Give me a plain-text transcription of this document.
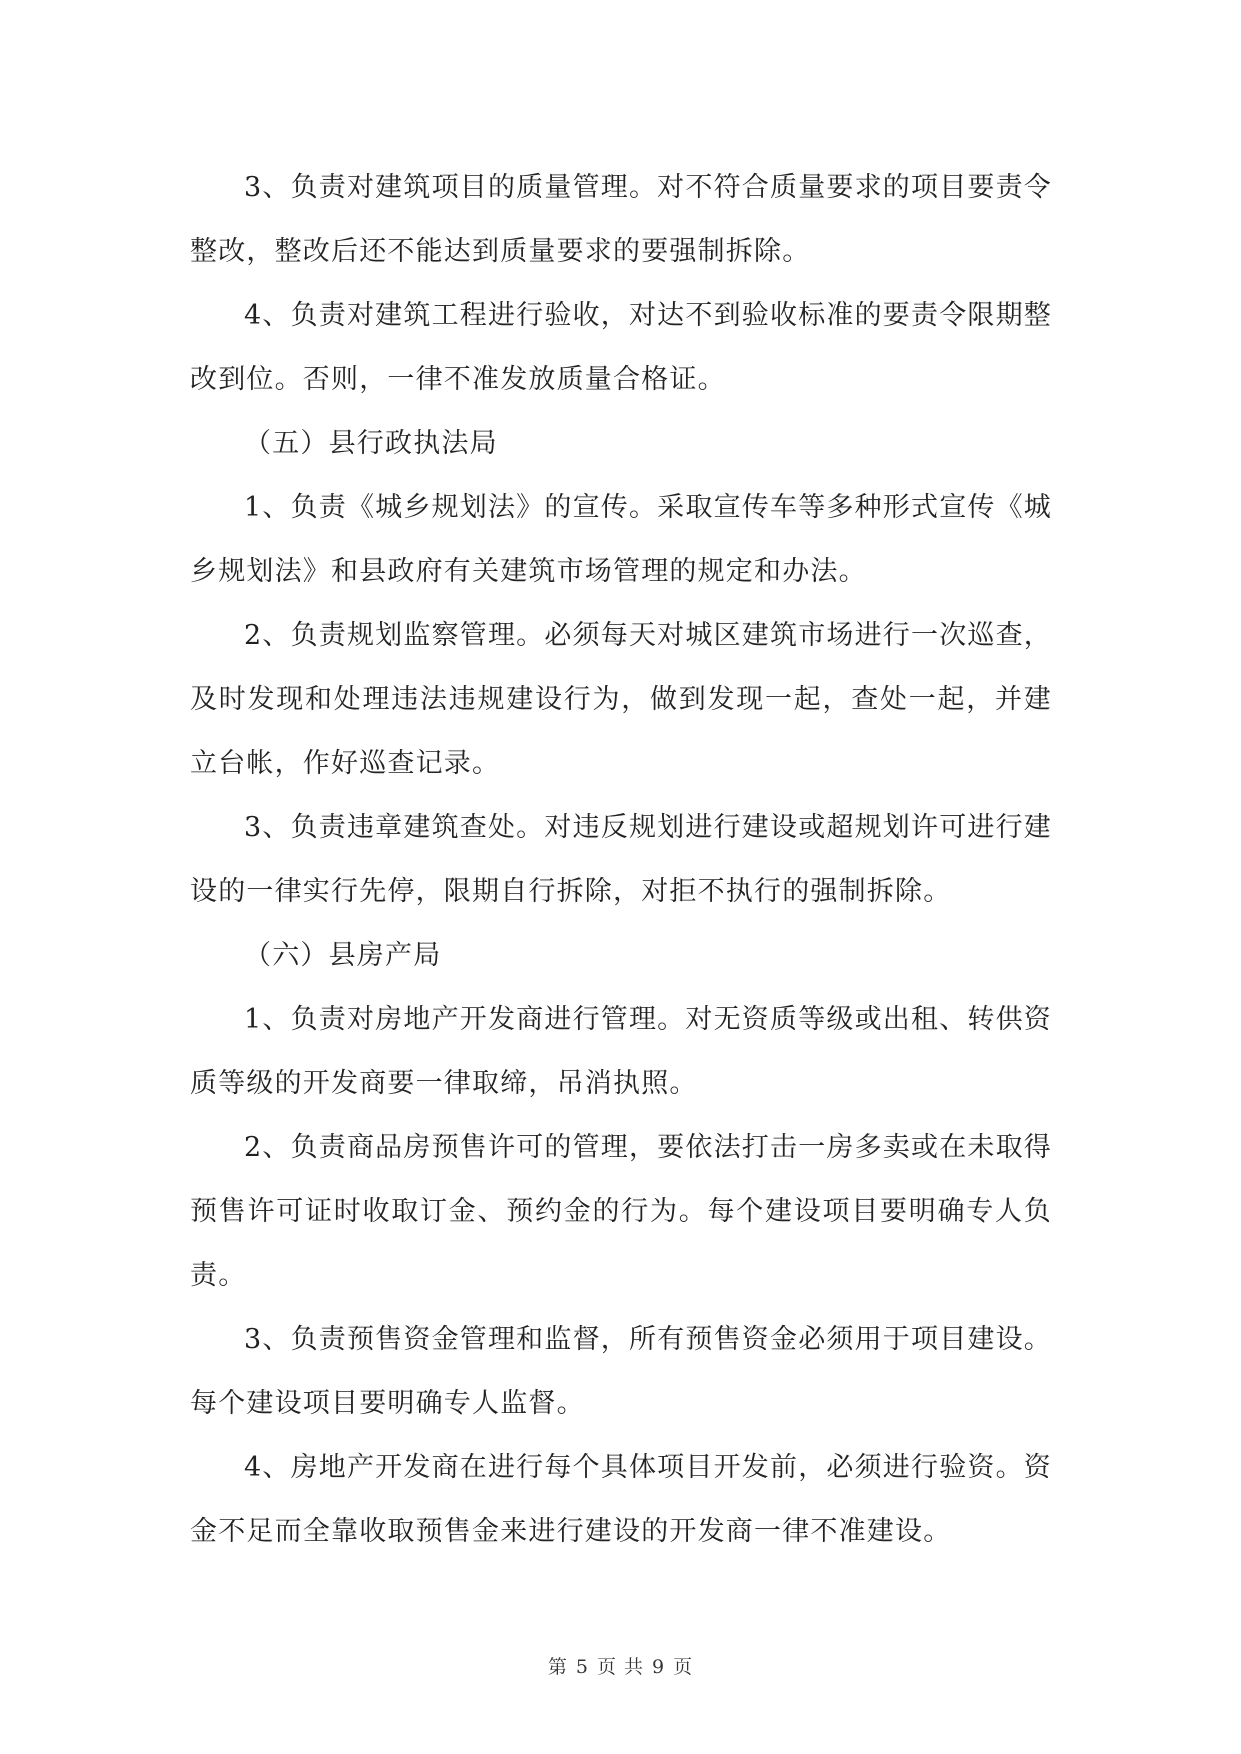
3、负责对建筑项目的质量管理。对不符合质量要求的项目要责令整改，整改后还不能达到质量要求的要强制拆除。

4、负责对建筑工程进行验收，对达不到验收标准的要责令限期整改到位。否则，一律不准发放质量合格证。

（五）县行政执法局

1、负责《城乡规划法》的宣传。采取宣传车等多种形式宣传《城乡规划法》和县政府有关建筑市场管理的规定和办法。

2、负责规划监察管理。必须每天对城区建筑市场进行一次巡查，及时发现和处理违法违规建设行为，做到发现一起，查处一起，并建立台帐，作好巡查记录。

3、负责违章建筑查处。对违反规划进行建设或超规划许可进行建设的一律实行先停，限期自行拆除，对拒不执行的强制拆除。

（六）县房产局

1、负责对房地产开发商进行管理。对无资质等级或出租、转供资质等级的开发商要一律取缔，吊消执照。

2、负责商品房预售许可的管理，要依法打击一房多卖或在未取得预售许可证时收取订金、预约金的行为。每个建设项目要明确专人负责。

3、负责预售资金管理和监督，所有预售资金必须用于项目建设。每个建设项目要明确专人监督。

4、房地产开发商在进行每个具体项目开发前，必须进行验资。资金不足而全靠收取预售金来进行建设的开发商一律不准建设。

第 5 页 共 9 页
